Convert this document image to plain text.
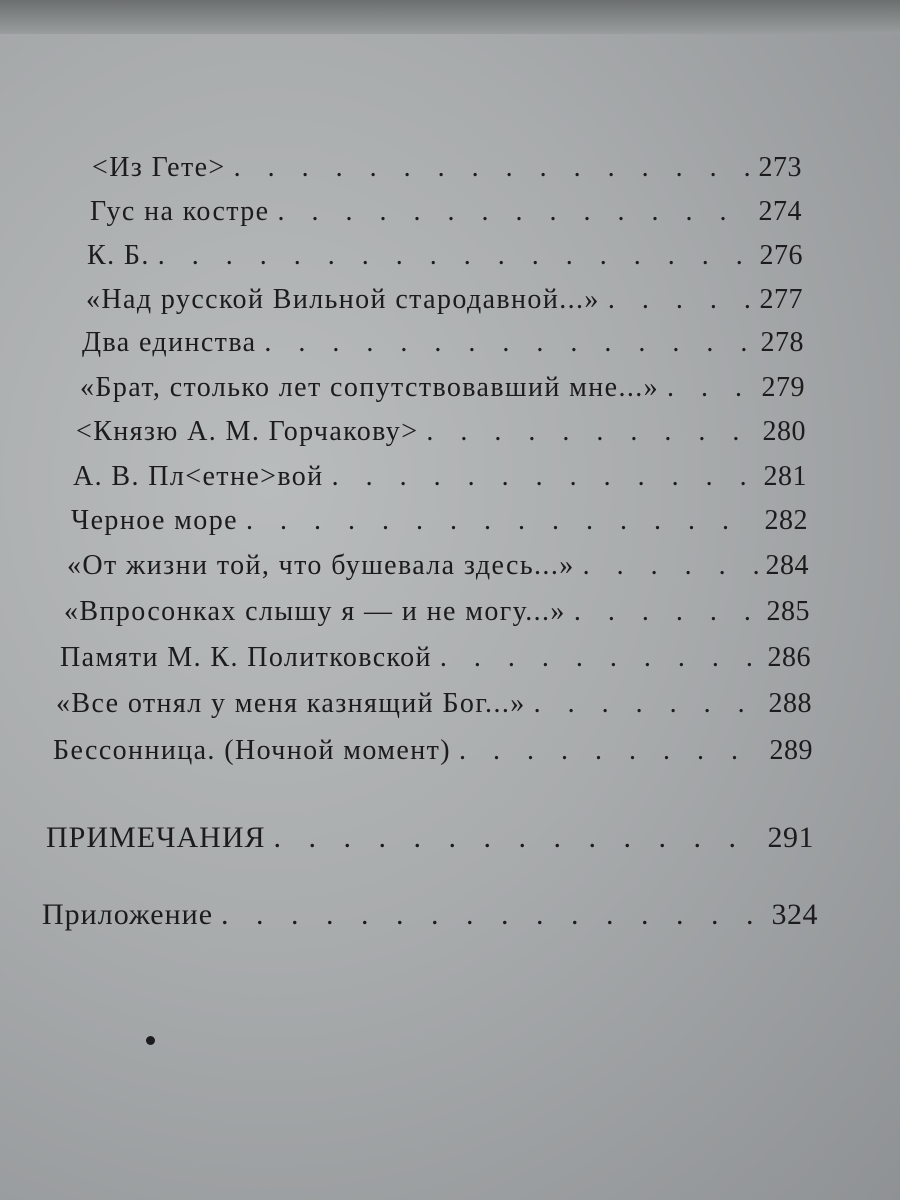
<Из Гете> . . .	273
Гус на костре . . .	274
К. Б. . . .	276
«Над русской Вильной стародавной...» . . .	277
Два единства . . .	278
«Брат, столько лет сопутствовавший мне...» . . .	279
<Князю А. М. Горчакову> . . .	280
А. В. Пл<етне>вой . . .	281
Черное море . . .	282
«От жизни той, что бушевала здесь...» . . .	284
«Впросонках слышу я — и не могу...» . . .	285
Памяти М. К. Политковской . . .	286
«Все отнял у меня казнящий Бог...» . . .	288
Бессонница. (Ночной момент) . . .	289
ПРИМЕЧАНИЯ . . .	291
Приложение . . .	324
